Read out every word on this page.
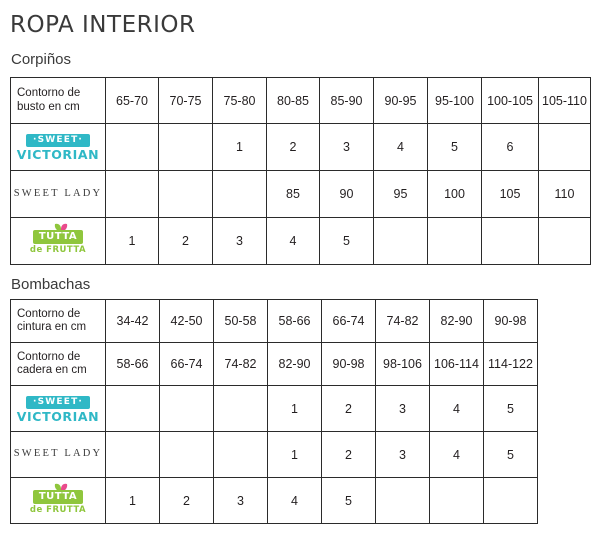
ROPA INTERIOR
Corpiños
Contorno de busto en cm	65-70	70-75	75-80	80-85	85-90	90-95	95-100	100-105	105-110

·SWEET·
VICTORIAN			1	2	3	4	5	6	

SWEET LADY				85	90	95	100	105	110

TUTTA
de FRUTTA	1	2	3	4	5				
Bombachas
Contorno de cintura en cm	34-42	42-50	50-58	58-66	66-74	74-82	82-90	90-98
Contorno de cadera en cm	58-66	66-74	74-82	82-90	90-98	98-106	106-114	114-122

·SWEET·
VICTORIAN				1	2	3	4	5

SWEET LADY				1	2	3	4	5

TUTTA
de FRUTTA	1	2	3	4	5			
